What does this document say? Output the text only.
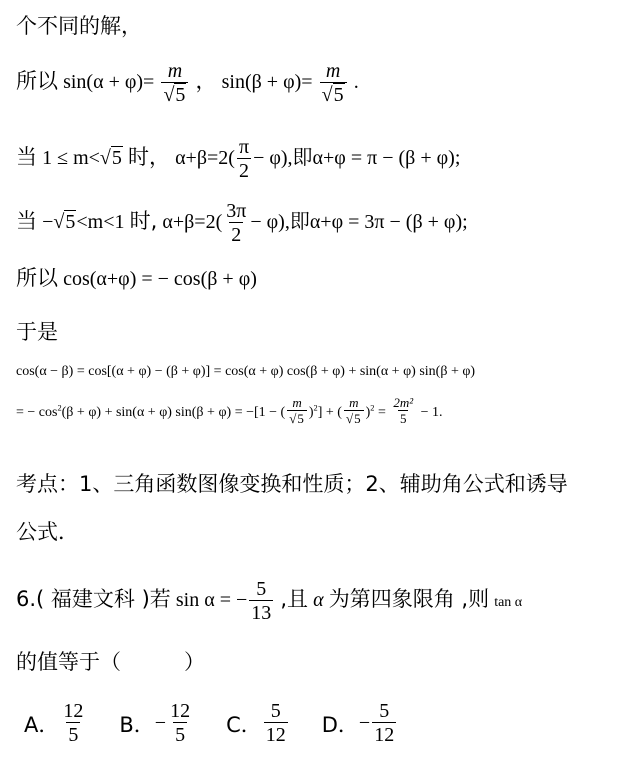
个不同的解，
所以 $\sin(\alpha + \varphi)= \frac{m}{√5}$ ， $\sin(\beta + \varphi)= \frac{m}{√5}$ .
当 1 ≤ m<√5 时， $\alpha+\beta=2( \frac{\pi}{2} - \varphi)$,即α+φ = π − (β + φ);
当 −√5<m<1 时, $\alpha+\beta=2( \frac{3\pi}{2} - \varphi)$,即α+φ = 3π − (β + φ);
所以 cos(α+φ) = − cos(β + φ)
于是
cos(α − β) = cos[(α + φ) − (β + φ)] = cos(α + φ) cos(β + φ) + sin(α + φ) sin(β + φ)
= − $\cos^2(\beta + \varphi) + \sin(\alpha + \varphi) \sin(\beta + \varphi) = -[1$ − ( $\frac{m}{√5} )^2$] + ( $\frac{m}{√5} )^2 = \frac{\text{2m²}}{5} - 1$.
考点：1、三角函数图像变换和性质；2、辅助角公式和诱导
公式．
6.( 福建文科 )若 sin α = − $\frac{5}{13}$ ,且 α 为第四象限角 ,则 tan α
的值等于（　　　）
A． $\frac{12}{5}$ B． − $\frac{12}{5}$ C． $\frac{5}{12}$ D． − $\frac{5}{12}$
